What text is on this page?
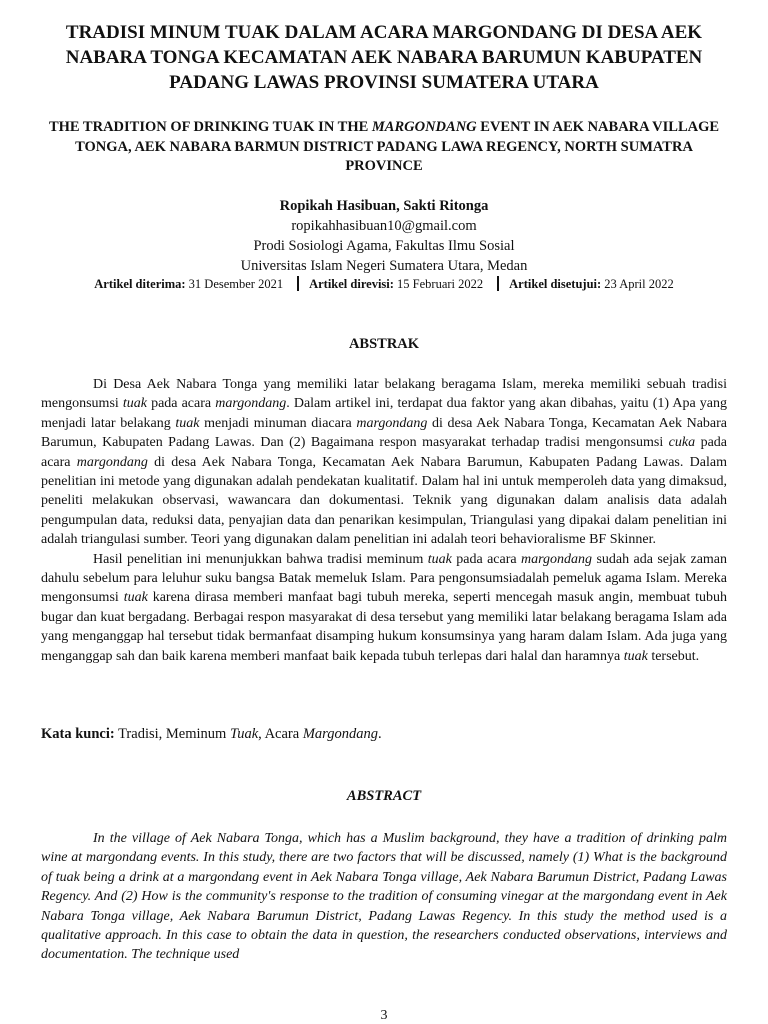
TRADISI MINUM TUAK DALAM ACARA MARGONDANG DI DESA AEK NABARA TONGA KECAMATAN AEK NABARA BARUMUN KABUPATEN PADANG LAWAS PROVINSI SUMATERA UTARA
THE TRADITION OF DRINKING TUAK IN THE MARGONDANG EVENT IN AEK NABARA VILLAGE TONGA, AEK NABARA BARMUN DISTRICT PADANG LAWA REGENCY, NORTH SUMATRA PROVINCE
Ropikah Hasibuan, Sakti Ritonga
ropikahhasibuan10@gmail.com
Prodi Sosiologi Agama, Fakultas Ilmu Sosial
Universitas Islam Negeri Sumatera Utara, Medan
Artikel diterima: 31 Desember 2021 Artikel direvisi: 15 Februari 2022 Artikel disetujui: 23 April 2022
ABSTRAK

Di Desa Aek Nabara Tonga yang memiliki latar belakang beragama Islam, mereka memiliki sebuah tradisi mengonsumsi tuak pada acara margondang. Dalam artikel ini, terdapat dua faktor yang akan dibahas, yaitu (1) Apa yang menjadi latar belakang tuak menjadi minuman diacara margondang di desa Aek Nabara Tonga, Kecamatan Aek Nabara Barumun, Kabupaten Padang Lawas. Dan (2) Bagaimana respon masyarakat terhadap tradisi mengonsumsi cuka pada acara margondang di desa Aek Nabara Tonga, Kecamatan Aek Nabara Barumun, Kabupaten Padang Lawas. Dalam penelitian ini metode yang digunakan adalah pendekatan kualitatif. Dalam hal ini untuk memperoleh data yang dimaksud, peneliti melakukan observasi, wawancara dan dokumentasi. Teknik yang digunakan dalam analisis data adalah pengumpulan data, reduksi data, penyajian data dan penarikan kesimpulan, Triangulasi yang dipakai dalam penelitian ini adalah triangulasi sumber. Teori yang digunakan dalam penelitian ini adalah teori behavioralisme BF Skinner.

Hasil penelitian ini menunjukkan bahwa tradisi meminum tuak pada acara margondang sudah ada sejak zaman dahulu sebelum para leluhur suku bangsa Batak memeluk Islam. Para pengonsumsiadalah pemeluk agama Islam. Mereka mengonsumsi tuak karena dirasa memberi manfaat bagi tubuh mereka, seperti mencegah masuk angin, membuat tubuh bugar dan kuat bergadang. Berbagai respon masyarakat di desa tersebut yang memiliki latar belakang beragama Islam ada yang menganggap hal tersebut tidak bermanfaat disamping hukum konsumsinya yang haram dalam Islam. Ada juga yang menganggap sah dan baik karena memberi manfaat baik kepada tubuh terlepas dari halal dan haramnya tuak tersebut.

Kata kunci: Tradisi, Meminum Tuak, Acara Margondang.
ABSTRACT

In the village of Aek Nabara Tonga, which has a Muslim background, they have a tradition of drinking palm wine at margondang events. In this study, there are two factors that will be discussed, namely (1) What is the background of tuak being a drink at a margondang event in Aek Nabara Tonga village, Aek Nabara Barumun District, Padang Lawas Regency. And (2) How is the community's response to the tradition of consuming vinegar at the margondang event in Aek Nabara Tonga village, Aek Nabara Barumun District, Padang Lawas Regency. In this study the method used is a qualitative approach. In this case to obtain the data in question, the researchers conducted observations, interviews and documentation. The technique used

3
